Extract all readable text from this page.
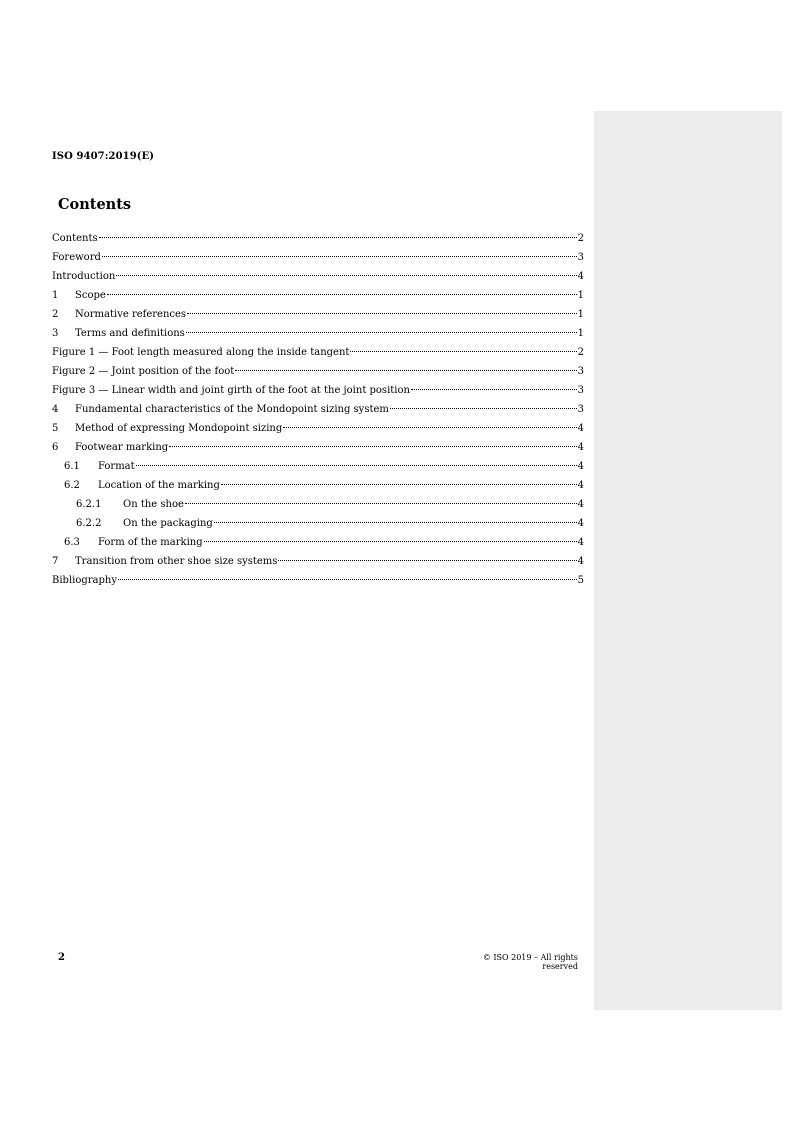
ISO 9407:2019(E)
Contents
Contents	2
Foreword	3
Introduction	4
1	Scope	1
2	Normative references	1
3	Terms and definitions	1
Figure 1 — Foot length measured along the inside tangent	2
Figure 2 — Joint position of the foot	3
Figure 3 — Linear width and joint girth of the foot at the joint position	3
4	Fundamental characteristics of the Mondopoint sizing system	3
5	Method of expressing Mondopoint sizing	4
6	Footwear marking	4
6.1	Format	4
6.2	Location of the marking	4
6.2.1	On the shoe	4
6.2.2	On the packaging	4
6.3	Form of the marking	4
7	Transition from other shoe size systems	4
Bibliography	5
2	© ISO 2019 – All rights reserved
